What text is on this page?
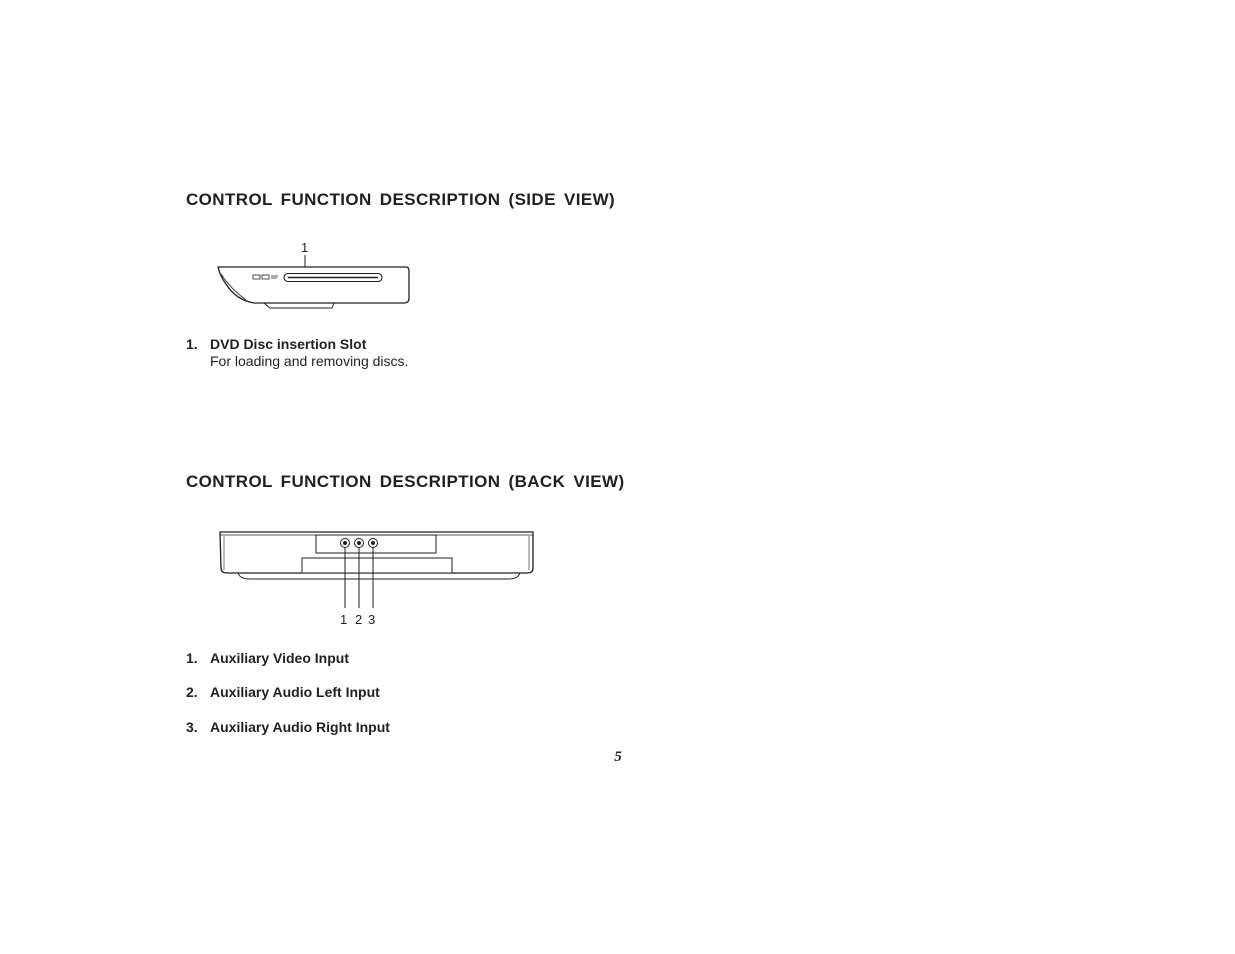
CONTROL FUNCTION DESCRIPTION (SIDE VIEW)
1
1. DVD Disc insertion Slot
For loading and removing discs.
CONTROL FUNCTION DESCRIPTION (BACK VIEW)
1 2 3
1. Auxiliary Video Input
2. Auxiliary Audio Left Input
3. Auxiliary Audio Right Input
5
